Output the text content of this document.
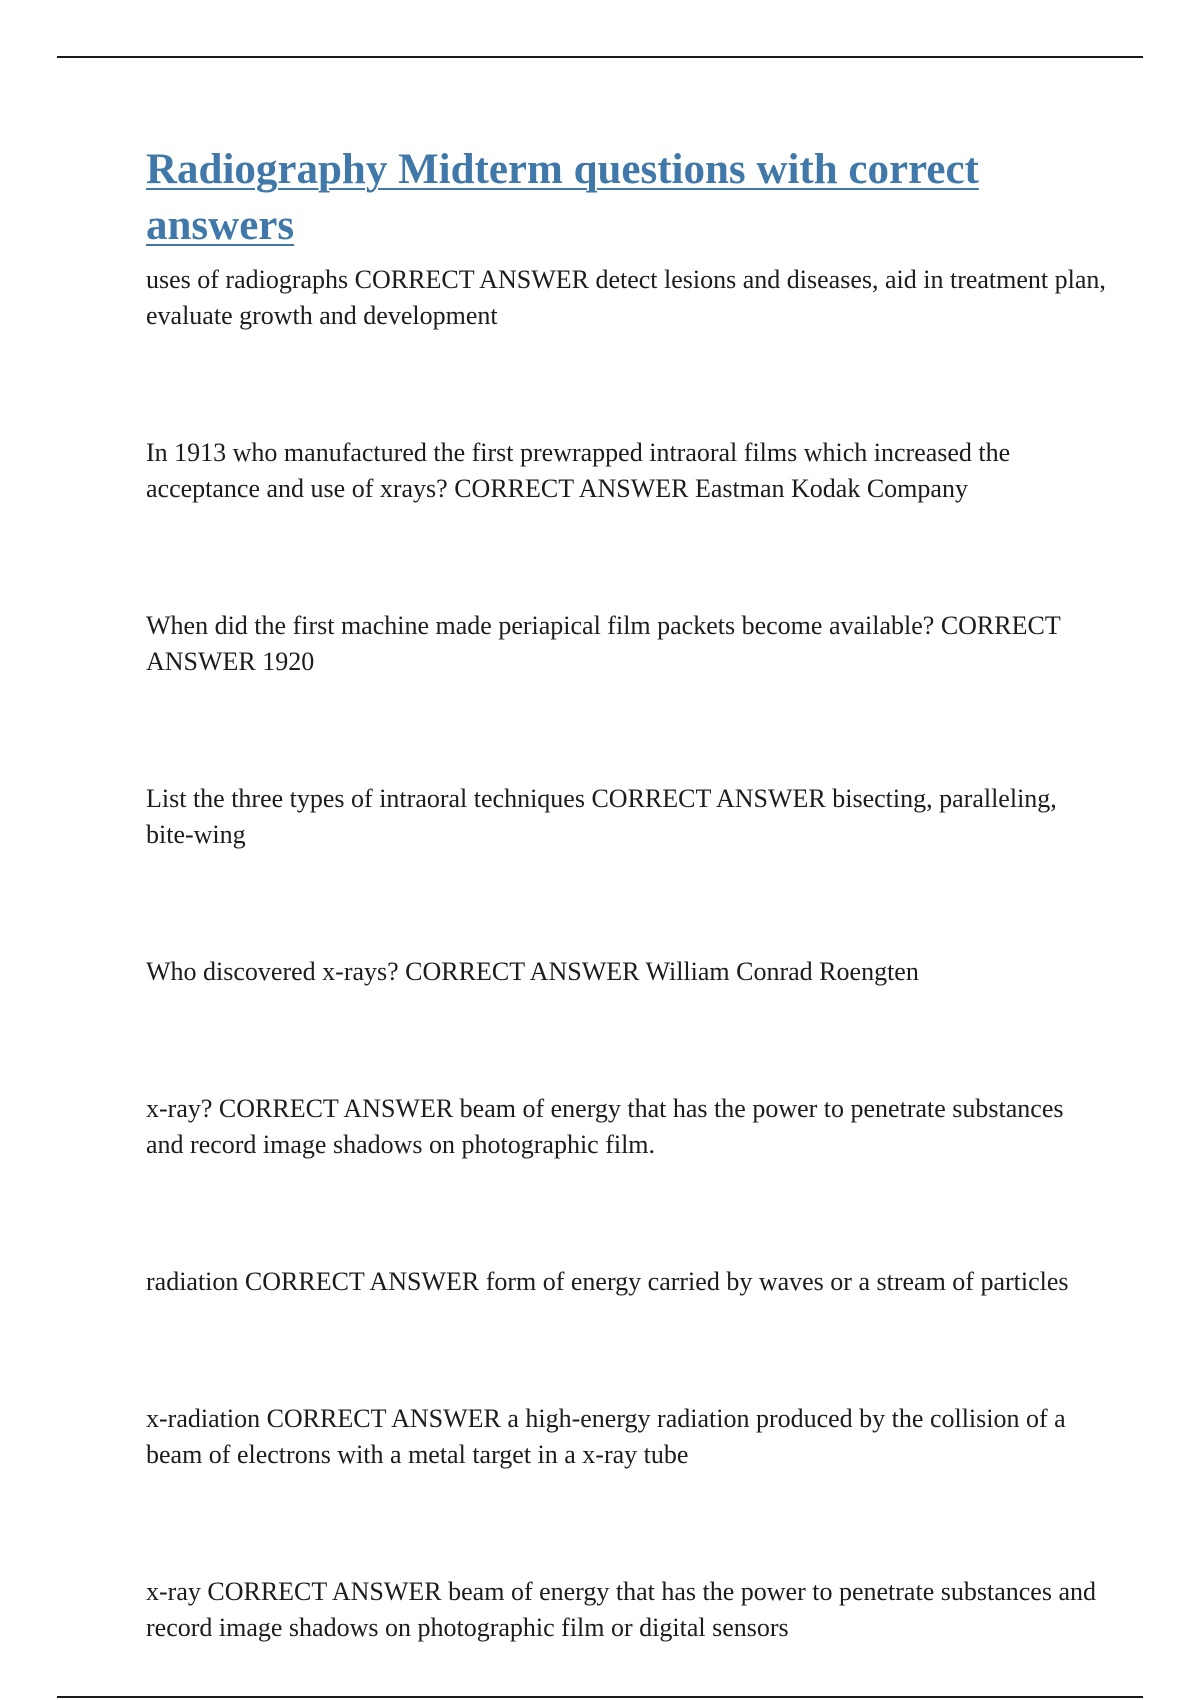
Radiography Midterm questions with correct answers

uses of radiographs CORRECT ANSWER detect lesions and diseases, aid in treatment plan, evaluate growth and development

In 1913 who manufactured the first prewrapped intraoral films which increased the acceptance and use of xrays? CORRECT ANSWER Eastman Kodak Company

When did the first machine made periapical film packets become available? CORRECT ANSWER 1920

List the three types of intraoral techniques CORRECT ANSWER bisecting, paralleling, bite-wing

Who discovered x-rays? CORRECT ANSWER William Conrad Roengten

x-ray? CORRECT ANSWER beam of energy that has the power to penetrate substances and record image shadows on photographic film.

radiation CORRECT ANSWER form of energy carried by waves or a stream of particles

x-radiation CORRECT ANSWER a high-energy radiation produced by the collision of a beam of electrons with a metal target in a x-ray tube

x-ray CORRECT ANSWER beam of energy that has the power to penetrate substances and record image shadows on photographic film or digital sensors
